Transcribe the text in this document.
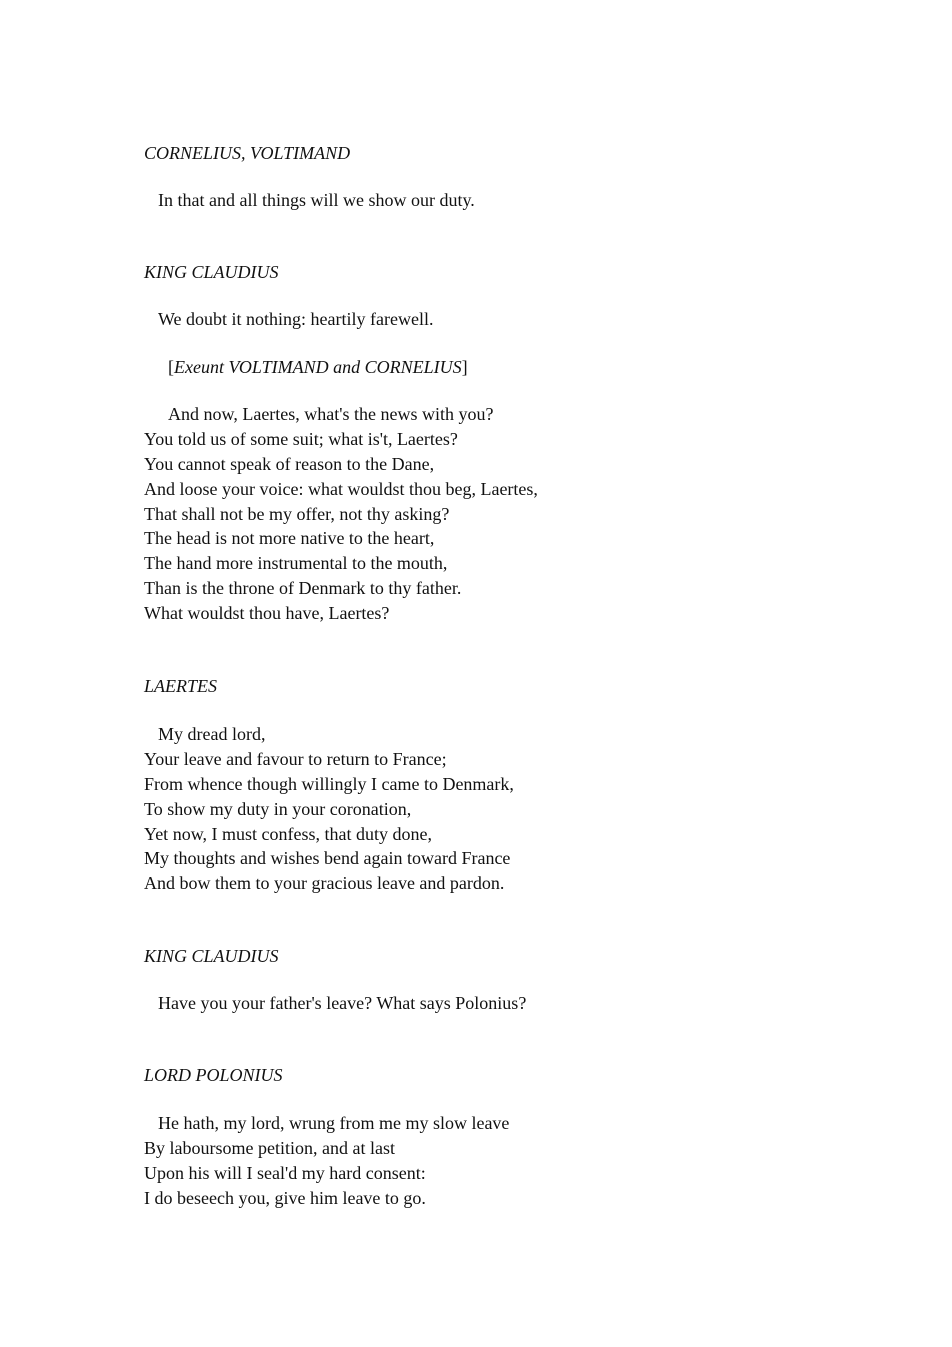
CORNELIUS, VOLTIMAND
In that and all things will we show our duty.
KING CLAUDIUS
We doubt it nothing: heartily farewell.
[Exeunt VOLTIMAND and CORNELIUS]
And now, Laertes, what's the news with you?
You told us of some suit; what is't, Laertes?
You cannot speak of reason to the Dane,
And loose your voice: what wouldst thou beg, Laertes,
That shall not be my offer, not thy asking?
The head is not more native to the heart,
The hand more instrumental to the mouth,
Than is the throne of Denmark to thy father.
What wouldst thou have, Laertes?
LAERTES
My dread lord,
Your leave and favour to return to France;
From whence though willingly I came to Denmark,
To show my duty in your coronation,
Yet now, I must confess, that duty done,
My thoughts and wishes bend again toward France
And bow them to your gracious leave and pardon.
KING CLAUDIUS
Have you your father's leave? What says Polonius?
LORD POLONIUS
He hath, my lord, wrung from me my slow leave
By laboursome petition, and at last
Upon his will I seal'd my hard consent:
I do beseech you, give him leave to go.
